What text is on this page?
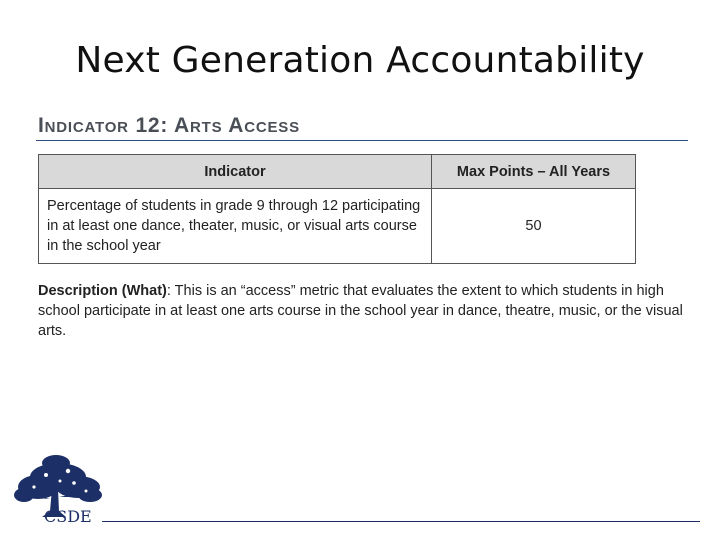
Next Generation Accountability
Indicator 12: Arts Access
Indicator	Max Points – All Years
Percentage of students in grade 9 through 12 participating in at least one dance, theater, music, or visual arts course in the school year	50
Description (What): This is an “access” metric that evaluates the extent to which students in high school participate in at least one arts course in the school year in dance, theatre, music, or the visual arts.
CSDE
